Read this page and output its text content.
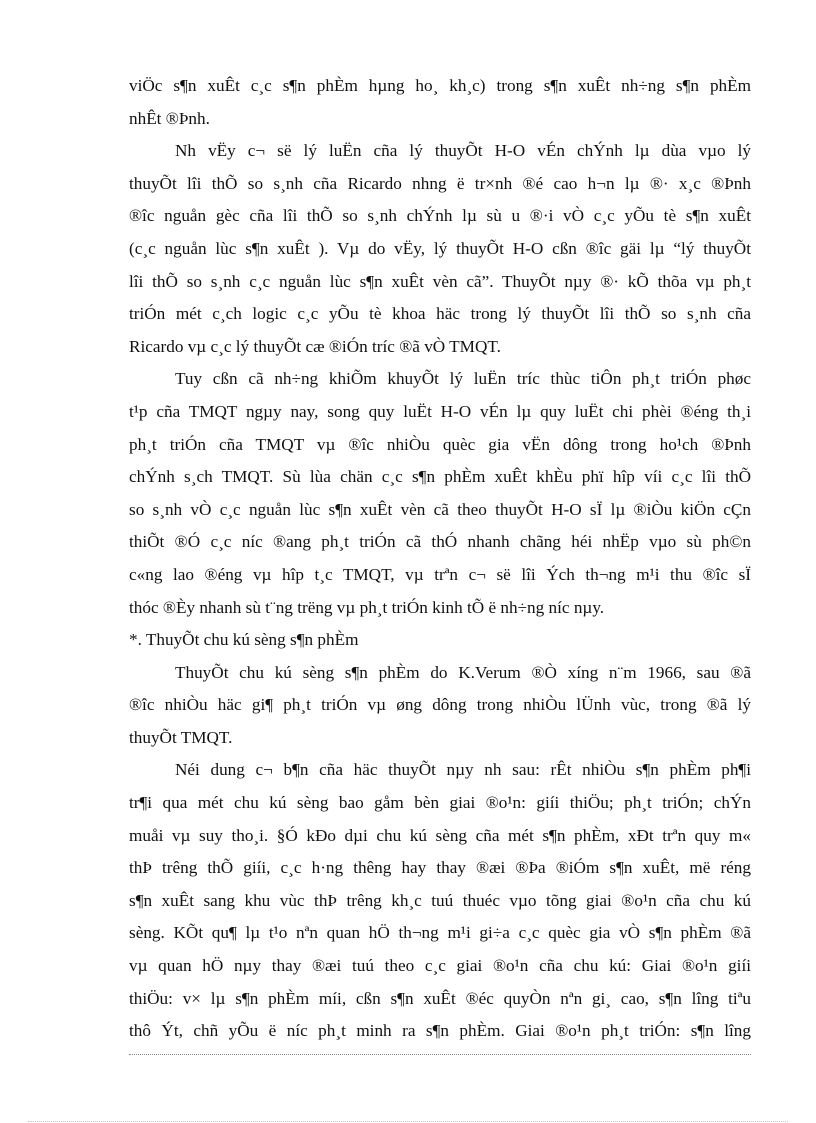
viÖc s¶n xuÊt c¸c s¶n phÈm hµng ho¸ kh¸c) trong s¶n xuÊt nh÷ng s¶n phÈm
nhÊt ®Þnh.
Nh vËy c¬ së lý luËn cña lý thuyÕt H-O vÉn chÝnh lµ dùa vµo lý
thuyÕt lîi thÕ so s¸nh cña Ricardo nhng ë tr×nh ®é cao h¬n lµ ®· x¸c ®Þnh
®îc nguån gèc cña lîi thÕ so s¸nh chÝnh lµ sù u ®·i vÒ c¸c yÕu tè s¶n xuÊt
(c¸c nguån lùc s¶n xuÊt ). Vµ do vËy, lý thuyÕt H-O cßn ®îc gäi lµ “lý thuyÕt
lîi thÕ so s¸nh c¸c nguån lùc s¶n xuÊt vèn cã”. ThuyÕt nµy ®· kÕ thõa vµ ph¸t
triÓn mét c¸ch logic c¸c yÕu tè khoa häc trong lý thuyÕt lîi thÕ so s¸nh cña
Ricardo vµ c¸c lý thuyÕt cæ ®iÓn tríc ®ã vÒ TMQT.
Tuy cßn cã nh÷ng khiÕm khuyÕt lý luËn tríc thùc tiÔn ph¸t triÓn phøc
t¹p cña TMQT ngµy nay, song quy luËt H-O vÉn lµ quy luËt chi phèi ®éng th¸i
ph¸t triÓn cña TMQT vµ ®îc nhiÒu quèc gia vËn dông trong ho¹ch ®Þnh
chÝnh s¸ch TMQT. Sù lùa chän c¸c s¶n phÈm xuÊt khÈu phï hîp víi c¸c lîi thÕ
so s¸nh vÒ c¸c nguån lùc s¶n xuÊt vèn cã theo thuyÕt H-O sÏ lµ ®iÒu kiÖn cÇn
thiÕt ®Ó c¸c níc ®ang ph¸t triÓn cã thÓ nhanh chãng héi nhËp vµo sù ph©n
c«ng lao ®éng vµ hîp t¸c TMQT, vµ trªn c¬ së lîi Ých th¬ng m¹i thu ®îc sÏ
thóc ®Èy nhanh sù t¨ng trëng vµ ph¸t triÓn kinh tÕ ë nh÷ng níc nµy.
*. ThuyÕt chu kú sèng s¶n phÈm
ThuyÕt chu kú sèng s¶n phÈm do K.Verum ®Ò xíng n¨m 1966, sau ®ã
®îc nhiÒu häc gi¶ ph¸t triÓn vµ øng dông trong nhiÒu lÜnh vùc, trong ®ã lý
thuyÕt TMQT.
Néi dung c¬ b¶n cña häc thuyÕt nµy nh sau: rÊt nhiÒu s¶n phÈm ph¶i
tr¶i qua mét chu kú sèng bao gåm bèn giai ®o¹n: giíi thiÖu; ph¸t triÓn; chÝn
muåi vµ suy tho¸i. §Ó kÐo dµi chu kú sèng cña mét s¶n phÈm, xÐt trªn quy m«
thÞ trêng thÕ giíi, c¸c h·ng thêng hay thay ®æi ®Þa ®iÓm s¶n xuÊt, më réng
s¶n xuÊt sang khu vùc thÞ trêng kh¸c tuú thuéc vµo tõng giai ®o¹n cña chu kú
sèng. KÕt qu¶ lµ t¹o nªn quan hÖ th¬ng m¹i gi÷a c¸c quèc gia vÒ s¶n phÈm ®ã
vµ quan hÖ nµy thay ®æi tuú theo c¸c giai ®o¹n cña chu kú: Giai ®o¹n giíi
thiÖu: v× lµ s¶n phÈm míi, cßn s¶n xuÊt ®éc quyÒn nªn gi¸ cao, s¶n lîng tiªu
thô Ýt, chñ yÕu ë níc ph¸t minh ra s¶n phÈm. Giai ®o¹n ph¸t triÓn: s¶n lîng
